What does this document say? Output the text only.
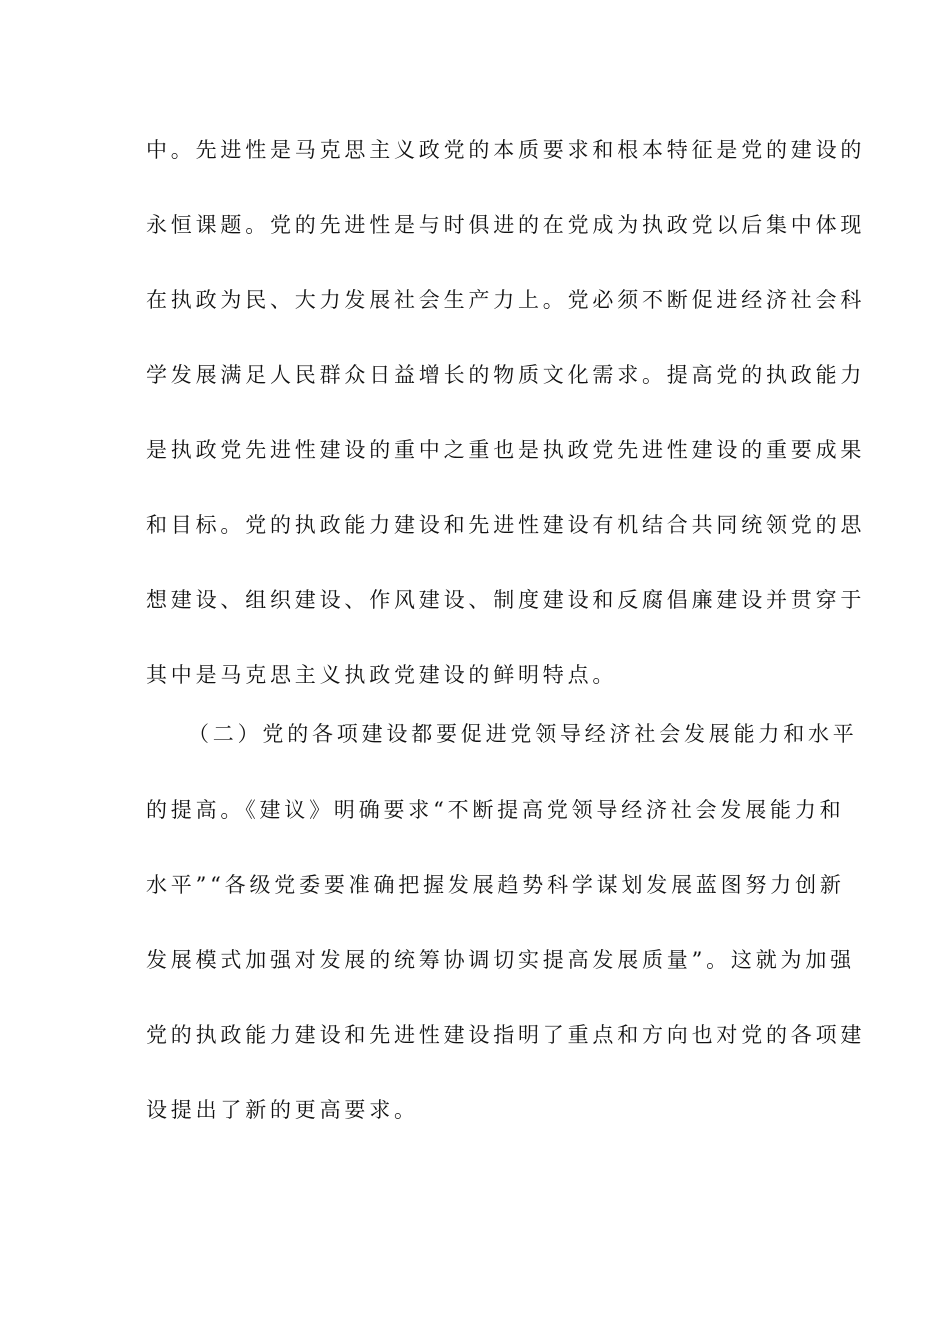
中。先进性是马克思主义政党的本质要求和根本特征是党的建设的
永恒课题。党的先进性是与时俱进的在党成为执政党以后集中体现
在执政为民、大力发展社会生产力上。党必须不断促进经济社会科
学发展满足人民群众日益增长的物质文化需求。提高党的执政能力
是执政党先进性建设的重中之重也是执政党先进性建设的重要成果
和目标。党的执政能力建设和先进性建设有机结合共同统领党的思
想建设、组织建设、作风建设、制度建设和反腐倡廉建设并贯穿于
其中是马克思主义执政党建设的鲜明特点。
（二）党的各项建设都要促进党领导经济社会发展能力和水平
的提高。《建议》明确要求“不断提高党领导经济社会发展能力和
水平”“各级党委要准确把握发展趋势科学谋划发展蓝图努力创新
发展模式加强对发展的统筹协调切实提高发展质量”。这就为加强
党的执政能力建设和先进性建设指明了重点和方向也对党的各项建
设提出了新的更高要求。
